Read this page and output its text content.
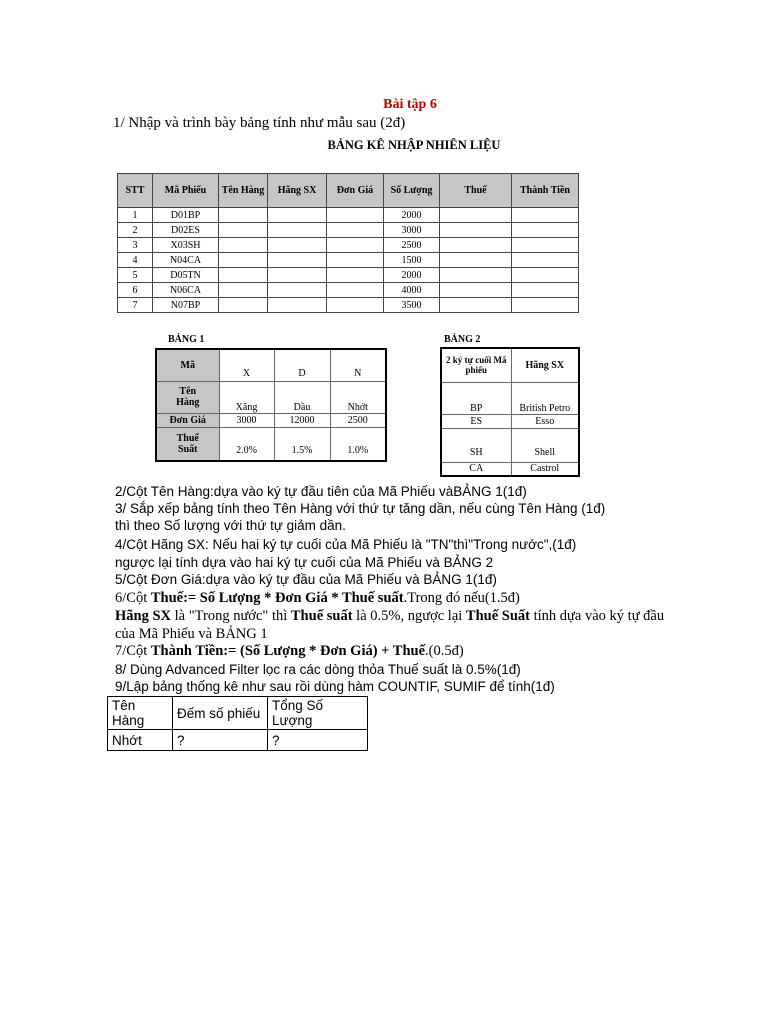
Bài tập 6
1/ Nhập và trình bày bảng tính như mẫu sau (2đ)
BẢNG KÊ NHẬP NHIÊN LIỆU
STT	Mã Phiếu	Tên Hàng	Hãng SX	Đơn Giá	Số Lượng	Thuế	Thành Tiền
1	D01BP				2000		
2	D02ES				3000		
3	X03SH				2500		
4	N04CA				1500		
5	D05TN				2000		
6	N06CA				4000		
7	N07BP				3500		
BẢNG 1	BẢNG 2
Mã	X	D	N
Tên Hàng	Xăng	Dầu	Nhớt
Đơn Giá	3000	12000	2500
Thuế Suất	2.0%	1.5%	1.0%
2 ký tự cuối Mã phiếu	Hãng SX
BP	British Petro
ES	Esso
SH	Shell
CA	Castrol
2/Cột Tên Hàng:dựa vào ký tự đầu tiên của Mã Phiếu vàBẢNG 1(1đ)
3/ Sắp xếp bảng tính theo Tên Hàng với thứ tự tăng dần, nếu cùng Tên Hàng (1đ)
thì theo Số lượng với thứ tự giảm dần.
4/Cột Hãng SX: Nếu hai ký tự cuối của Mã Phiếu là "TN"thì"Trong nước",(1đ)
ngược lại tính dựa vào hai ký tự cuối của Mã Phiếu và BẢNG 2
5/Cột Đơn Giá:dựa vào ký tự đầu của Mã Phiếu và BẢNG 1(1đ)
6/Cột Thuế:= Số Lượng * Đơn Giá * Thuế suất.Trong đó nếu(1.5đ)
Hãng SX là "Trong nước" thì Thuế suất là 0.5%, ngược lại Thuế Suất tính dựa vào ký tự đầu
của Mã Phiếu và BẢNG 1
7/Cột Thành Tiền:= (Số Lượng * Đơn Giá) + Thuế.(0.5đ)
8/ Dùng Advanced Filter lọc ra các dòng thỏa Thuế suất là 0.5%(1đ)
9/Lập bảng thống kê như sau rồi dùng hàm COUNTIF, SUMIF để tính(1đ)
Tên Hàng	Đếm số phiếu	Tổng Số Lượng
Nhớt	?	?
